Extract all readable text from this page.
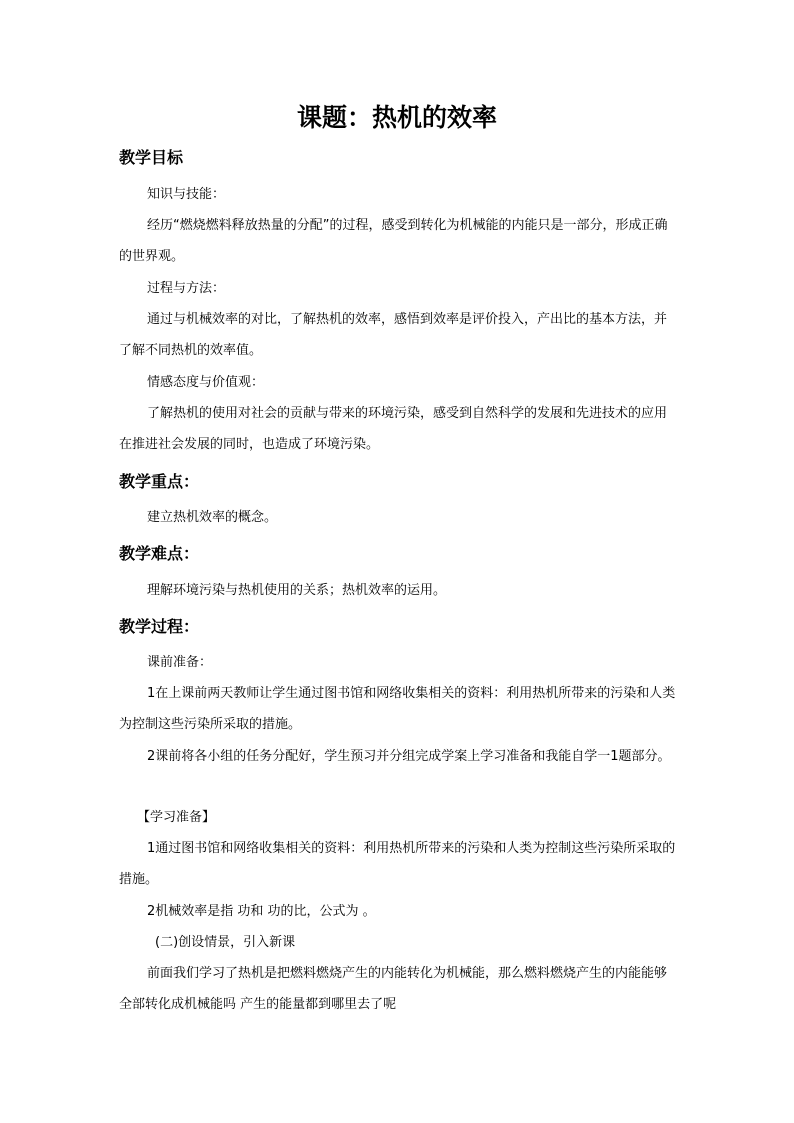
课题：热机的效率
教学目标

知识与技能：

经历“燃烧燃料释放热量的分配”的过程，感受到转化为机械能的内能只是一部分，形成正确的世界观。

过程与方法：

通过与机械效率的对比，了解热机的效率，感悟到效率是评价投入，产出比的基本方法，并了解不同热机的效率值。

情感态度与价值观：

了解热机的使用对社会的贡献与带来的环境污染，感受到自然科学的发展和先进技术的应用在推进社会发展的同时，也造成了环境污染。

教学重点：

建立热机效率的概念。

教学难点：

理解环境污染与热机使用的关系；热机效率的运用。

教学过程：

课前准备：

1在上课前两天教师让学生通过图书馆和网络收集相关的资料：利用热机所带来的污染和人类为控制这些污染所采取的措施。

2课前将各小组的任务分配好，学生预习并分组完成学案上学习准备和我能自学一1题部分。

【学习准备】

1通过图书馆和网络收集相关的资料：利用热机所带来的污染和人类为控制这些污染所采取的措施。

2机械效率是指 功和 功的比，公式为 。

(二)创设情景，引入新课

前面我们学习了热机是把燃料燃烧产生的内能转化为机械能，那么燃料燃烧产生的内能能够全部转化成机械能吗 产生的能量都到哪里去了呢
